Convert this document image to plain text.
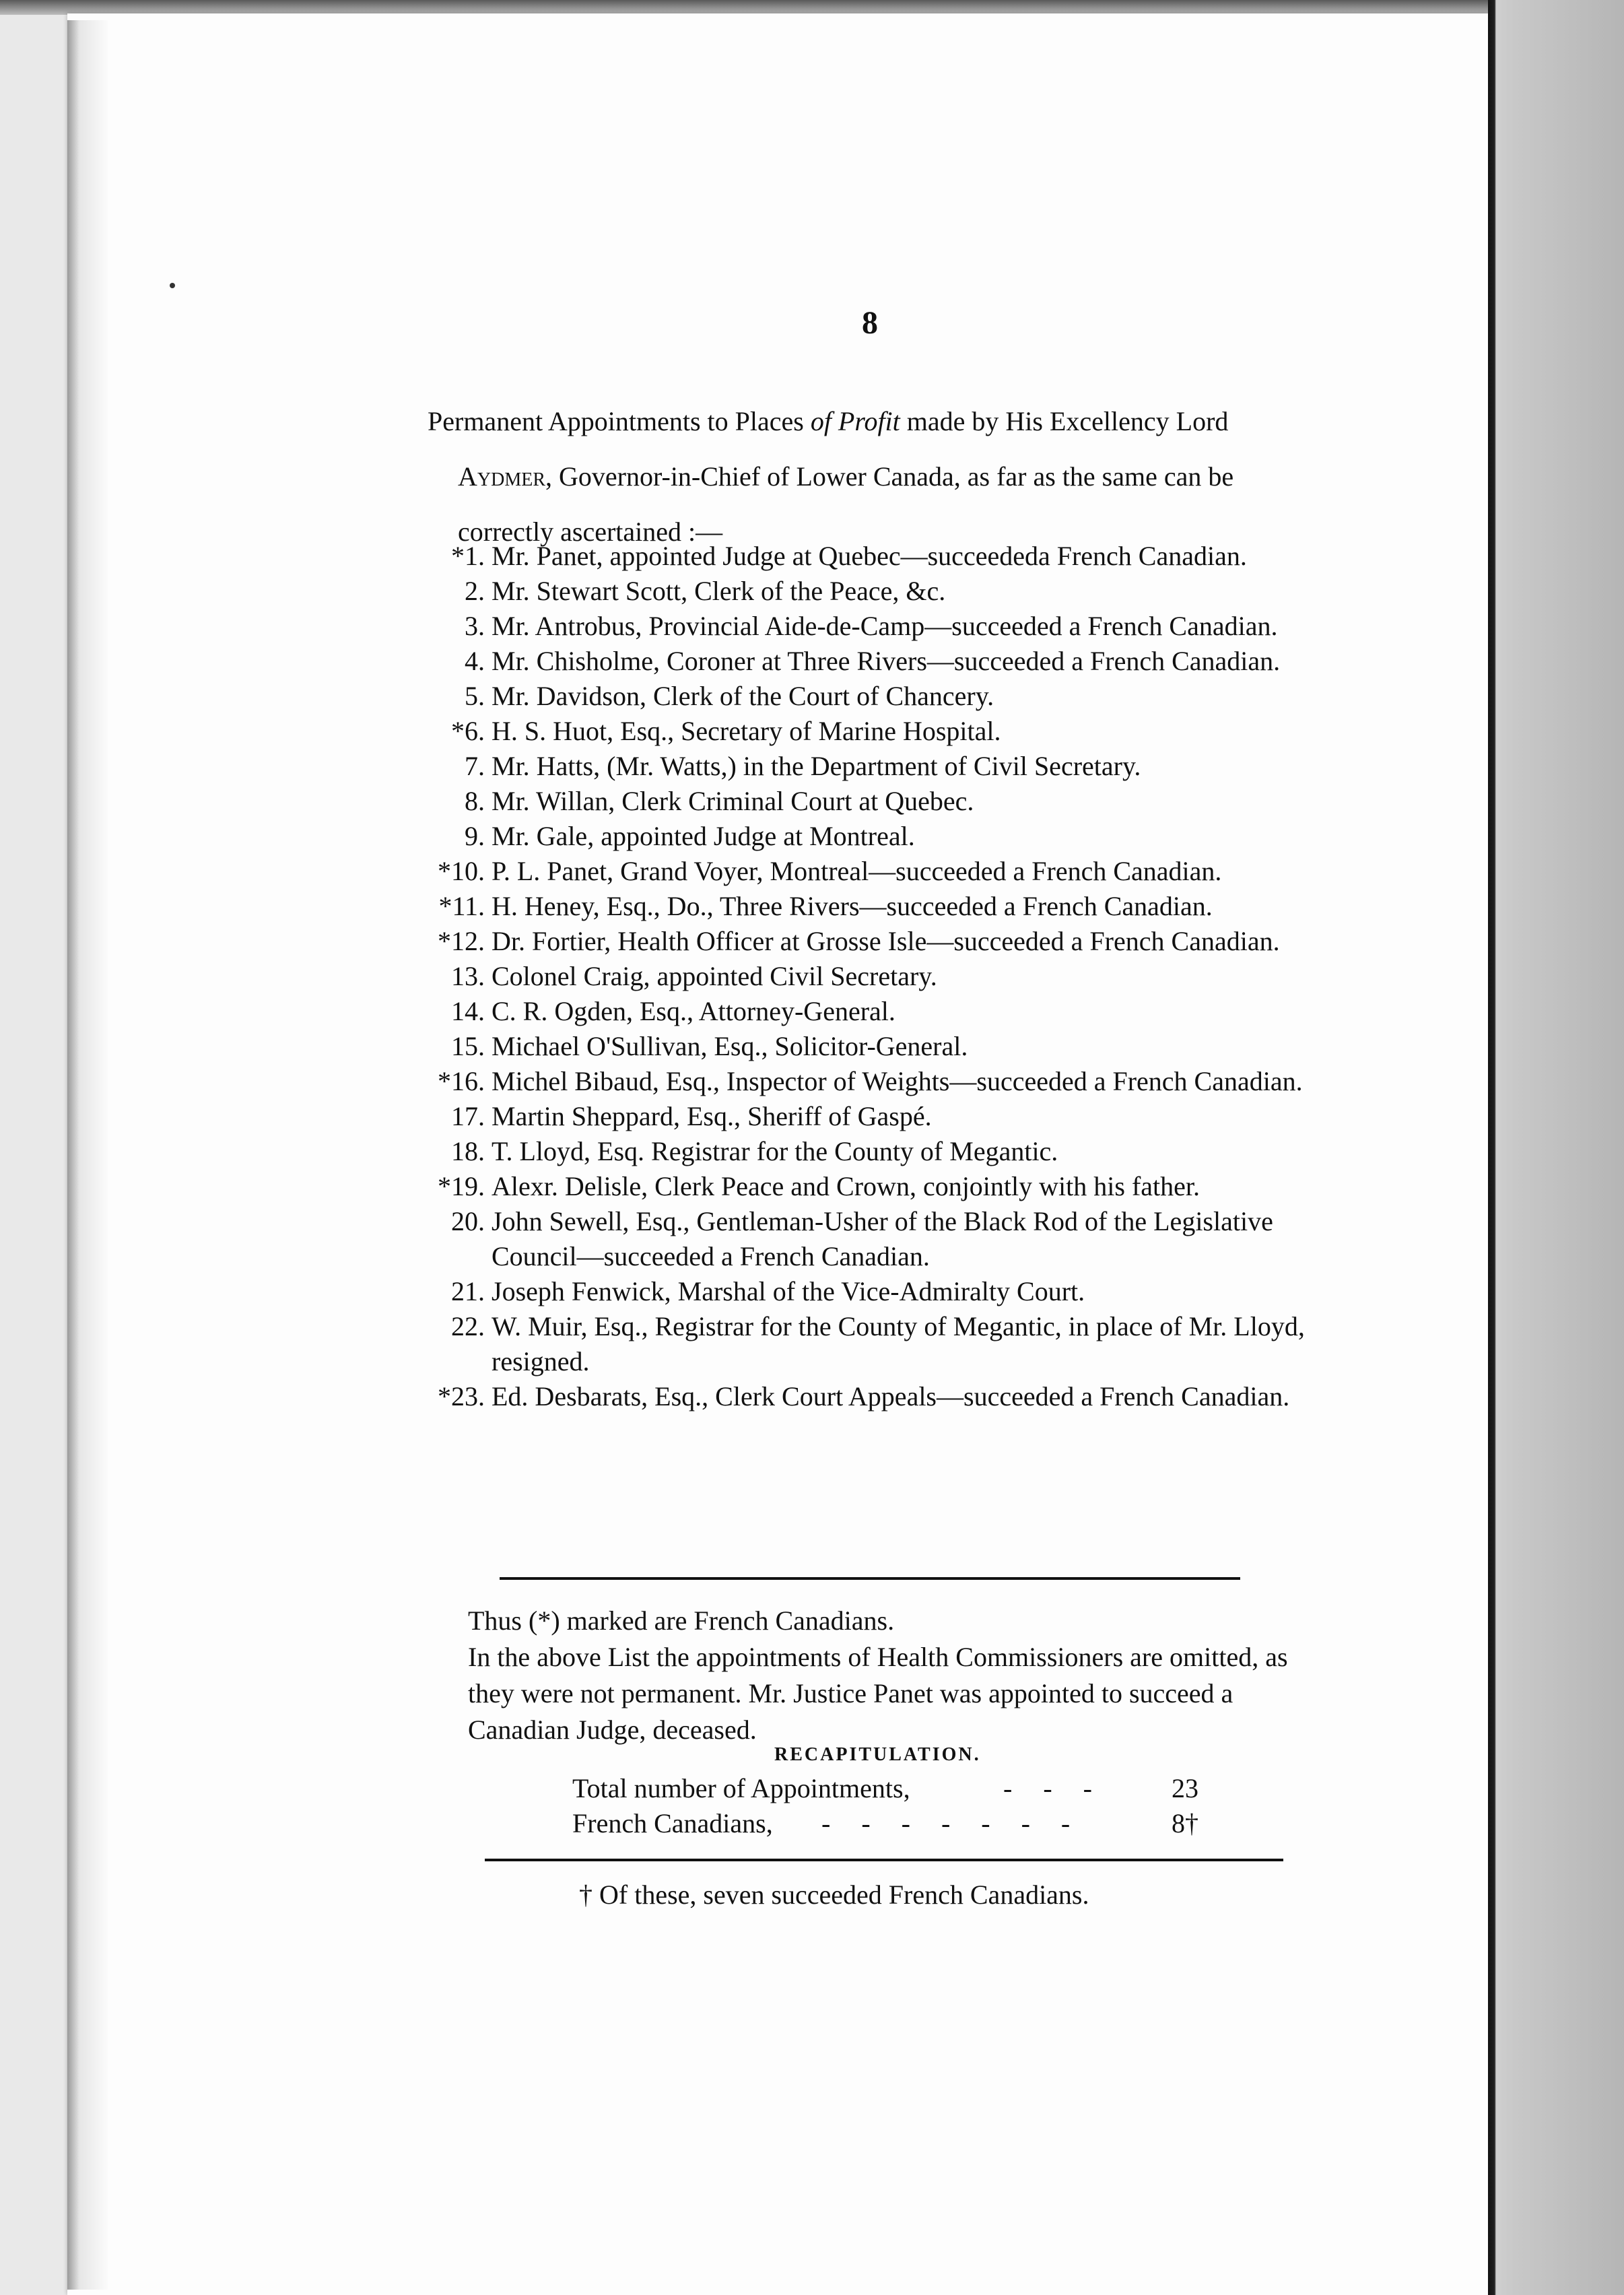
8
Permanent Appointments to Places of Profit made by His Excellency Lord
Aydmer, Governor-in-Chief of Lower Canada, as far as the same can be
correctly ascertained :—
*1. Mr. Panet, appointed Judge at Quebec—succeededa French Canadian.
2. Mr. Stewart Scott, Clerk of the Peace, &c.
3. Mr. Antrobus, Provincial Aide-de-Camp—succeeded a French Canadian.
4. Mr. Chisholme, Coroner at Three Rivers—succeeded a French Canadian.
5. Mr. Davidson, Clerk of the Court of Chancery.
*6. H. S. Huot, Esq., Secretary of Marine Hospital.
7. Mr. Hatts, (Mr. Watts,) in the Department of Civil Secretary.
8. Mr. Willan, Clerk Criminal Court at Quebec.
9. Mr. Gale, appointed Judge at Montreal.
*10. P. L. Panet, Grand Voyer, Montreal—succeeded a French Canadian.
*11. H. Heney, Esq., Do., Three Rivers—succeeded a French Canadian.
*12. Dr. Fortier, Health Officer at Grosse Isle—succeeded a French Canadian.
13. Colonel Craig, appointed Civil Secretary.
14. C. R. Ogden, Esq., Attorney-General.
15. Michael O'Sullivan, Esq., Solicitor-General.
*16. Michel Bibaud, Esq., Inspector of Weights—succeeded a French Canadian.
17. Martin Sheppard, Esq., Sheriff of Gaspé.
18. T. Lloyd, Esq. Registrar for the County of Megantic.
*19. Alexr. Delisle, Clerk Peace and Crown, conjointly with his father.
20. John Sewell, Esq., Gentleman-Usher of the Black Rod of the Legislative Council—succeeded a French Canadian.
21. Joseph Fenwick, Marshal of the Vice-Admiralty Court.
22. W. Muir, Esq., Registrar for the County of Megantic, in place of Mr. Lloyd, resigned.
*23. Ed. Desbarats, Esq., Clerk Court Appeals—succeeded a French Canadian.

Thus (*) marked are French Canadians.

In the above List the appointments of Health Commissioners are omitted, as they were not permanent. Mr. Justice Panet was appointed to succeed a Canadian Judge, deceased.

RECAPITULATION.
Total number of Appointments,	- - -	23
French Canadians, - - - - - - -	8†
† Of these, seven succeeded French Canadians.
